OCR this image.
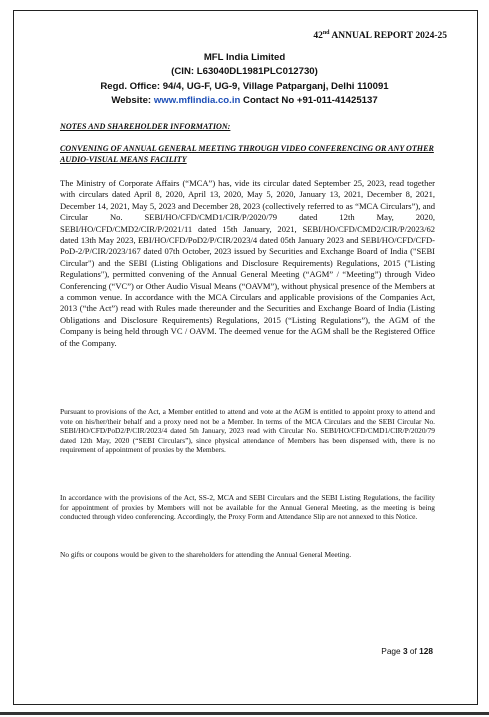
42nd ANNUAL REPORT 2024-25
MFL India Limited
(CIN: L63040DL1981PLC012730)
Regd. Office: 94/4, UG-F, UG-9, Village Patparganj, Delhi 110091
Website: www.mflindia.co.in Contact No +91-011-41425137
NOTES AND SHAREHOLDER INFORMATION:
CONVENING OF ANNUAL GENERAL MEETING THROUGH VIDEO CONFERENCING OR ANY OTHER AUDIO-VISUAL MEANS FACILITY
The Ministry of Corporate Affairs (“MCA”) has, vide its circular dated September 25, 2023, read together with circulars dated April 8, 2020, April 13, 2020, May 5, 2020, January 13, 2021, December 8, 2021, December 14, 2021, May 5, 2023 and December 28, 2023 (collectively referred to as “MCA Circulars”), and Circular No. SEBI/HO/CFD/CMD1/CIR/P/2020/79 dated 12th May, 2020, SEBI/HO/CFD/CMD2/CIR/P/2021/11 dated 15th January, 2021, SEBI/HO/CFD/CMD2/CIR/P/2023/62 dated 13th May 2023, EBI/HO/CFD/PoD2/P/CIR/2023/4 dated 05th January 2023 and SEBI/HO/CFD/CFD-PoD-2/P/CIR/2023/167 dated 07th October, 2023 issued by Securities and Exchange Board of India ("SEBI Circular") and the SEBI (Listing Obligations and Disclosure Requirements) Regulations, 2015 ("Listing Regulations"), permitted convening of the Annual General Meeting (“AGM” / “Meeting”) through Video Conferencing (“VC”) or Other Audio Visual Means (“OAVM”), without physical presence of the Members at a common venue. In accordance with the MCA Circulars and applicable provisions of the Companies Act, 2013 (“the Act”) read with Rules made thereunder and the Securities and Exchange Board of India (Listing Obligations and Disclosure Requirements) Regulations, 2015 (“Listing Regulations”), the AGM of the Company is being held through VC / OAVM. The deemed venue for the AGM shall be the Registered Office of the Company.
Pursuant to provisions of the Act, a Member entitled to attend and vote at the AGM is entitled to appoint proxy to attend and vote on his/her/their behalf and a proxy need not be a Member. In terms of the MCA Circulars and the SEBI Circular No. SEBI/HO/CFD/PoD2/P/CIR/2023/4 dated 5th January, 2023 read with Circular No. SEBI/HO/CFD/CMD1/CIR/P/2020/79 dated 12th May, 2020 (“SEBI Circulars”), since physical attendance of Members has been dispensed with, there is no requirement of appointment of proxies by the Members.
In accordance with the provisions of the Act, SS-2, MCA and SEBI Circulars and the SEBI Listing Regulations, the facility for appointment of proxies by Members will not be available for the Annual General Meeting, as the meeting is being conducted through video conferencing. Accordingly, the Proxy Form and Attendance Slip are not annexed to this Notice.
No gifts or coupons would be given to the shareholders for attending the Annual General Meeting.
Page 3 of 128
